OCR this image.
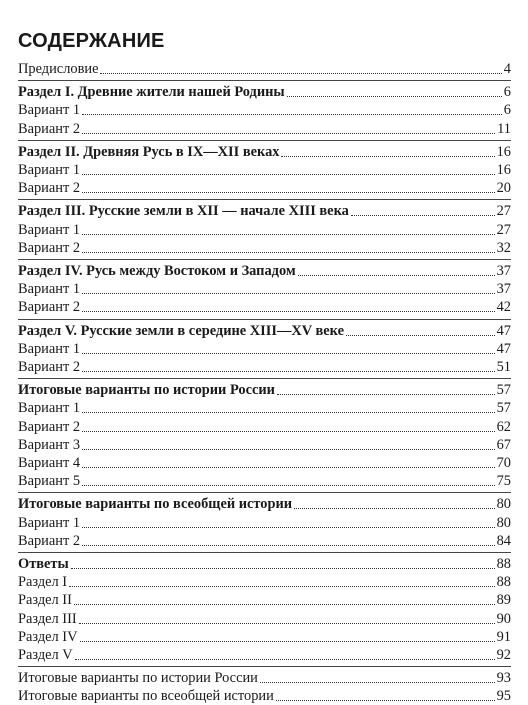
СОДЕРЖАНИЕ
Предисловие	4
Раздел I. Древние жители нашей Родины	6
Вариант 1	6
Вариант 2	11
Раздел II. Древняя Русь в IX—XII веках	16
Вариант 1	16
Вариант 2	20
Раздел III. Русские земли в XII — начале XIII века	27
Вариант 1	27
Вариант 2	32
Раздел IV. Русь между Востоком и Западом	37
Вариант 1	37
Вариант 2	42
Раздел V. Русские земли в середине XIII—XV веке	47
Вариант 1	47
Вариант 2	51
Итоговые варианты по истории России	57
Вариант 1	57
Вариант 2	62
Вариант 3	67
Вариант 4	70
Вариант 5	75
Итоговые варианты по всеобщей истории	80
Вариант 1	80
Вариант 2	84
Ответы	88
Раздел I	88
Раздел II	89
Раздел III	90
Раздел IV	91
Раздел V	92
Итоговые варианты по истории России	93
Итоговые варианты по всеобщей истории	95
